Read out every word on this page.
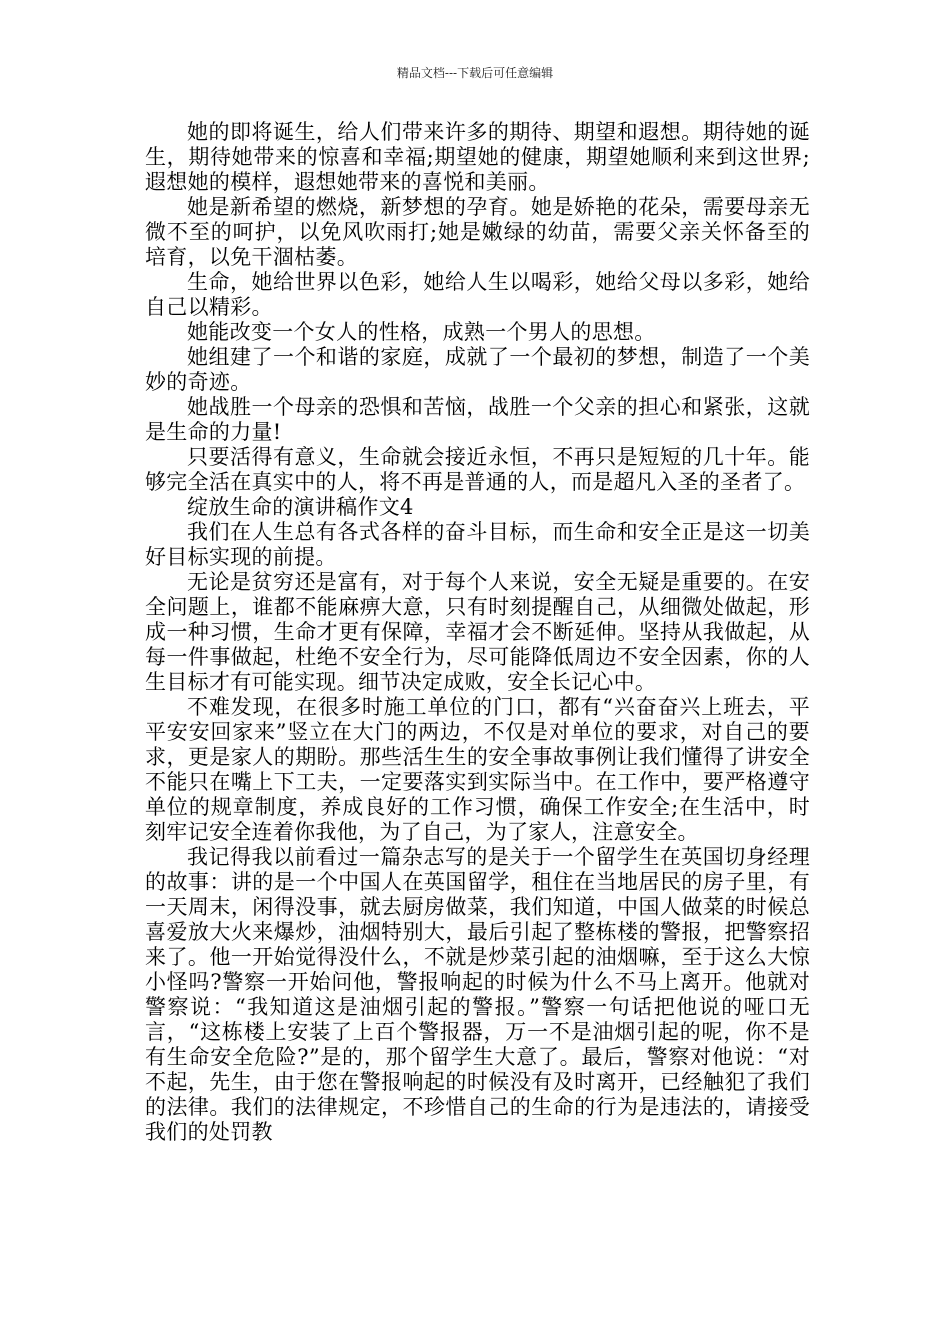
精品文档---下载后可任意编辑

她的即将诞生，给人们带来许多的期待、期望和遐想。期待她的诞生，期待她带来的惊喜和幸福;期望她的健康，期望她顺利来到这世界;遐想她的模样，遐想她带来的喜悦和美丽。

她是新希望的燃烧，新梦想的孕育。她是娇艳的花朵，需要母亲无微不至的呵护，以免风吹雨打;她是嫩绿的幼苗，需要父亲关怀备至的培育，以免干涸枯萎。

生命，她给世界以色彩，她给人生以喝彩，她给父母以多彩，她给自己以精彩。

她能改变一个女人的性格，成熟一个男人的思想。

她组建了一个和谐的家庭，成就了一个最初的梦想，制造了一个美妙的奇迹。

她战胜一个母亲的恐惧和苦恼，战胜一个父亲的担心和紧张，这就是生命的力量!

只要活得有意义，生命就会接近永恒，不再只是短短的几十年。能够完全活在真实中的人，将不再是普通的人，而是超凡入圣的圣者了。

绽放生命的演讲稿作文4

我们在人生总有各式各样的奋斗目标，而生命和安全正是这一切美好目标实现的前提。

无论是贫穷还是富有，对于每个人来说，安全无疑是重要的。在安全问题上，谁都不能麻痹大意，只有时刻提醒自己，从细微处做起，形成一种习惯，生命才更有保障，幸福才会不断延伸。坚持从我做起，从每一件事做起，杜绝不安全行为，尽可能降低周边不安全因素，你的人生目标才有可能实现。细节决定成败，安全长记心中。

不难发现，在很多时施工单位的门口，都有“兴奋奋兴上班去，平平安安回家来”竖立在大门的两边，不仅是对单位的要求，对自己的要求，更是家人的期盼。那些活生生的安全事故事例让我们懂得了讲安全不能只在嘴上下工夫，一定要落实到实际当中。在工作中，要严格遵守单位的规章制度，养成良好的工作习惯，确保工作安全;在生活中，时刻牢记安全连着你我他，为了自己，为了家人，注意安全。

我记得我以前看过一篇杂志写的是关于一个留学生在英国切身经理的故事：讲的是一个中国人在英国留学，租住在当地居民的房子里，有一天周末，闲得没事，就去厨房做菜，我们知道，中国人做菜的时候总喜爱放大火来爆炒，油烟特别大，最后引起了整栋楼的警报，把警察招来了。他一开始觉得没什么，不就是炒菜引起的油烟嘛，至于这么大惊小怪吗?警察一开始问他，警报响起的时候为什么不马上离开。他就对警察说：“我知道这是油烟引起的警报。”警察一句话把他说的哑口无言，“这栋楼上安装了上百个警报器，万一不是油烟引起的呢，你不是有生命安全危险?”是的，那个留学生大意了。最后，警察对他说：“对不起，先生，由于您在警报响起的时候没有及时离开，已经触犯了我们的法律。我们的法律规定，不珍惜自己的生命的行为是违法的，请接受我们的处罚教
